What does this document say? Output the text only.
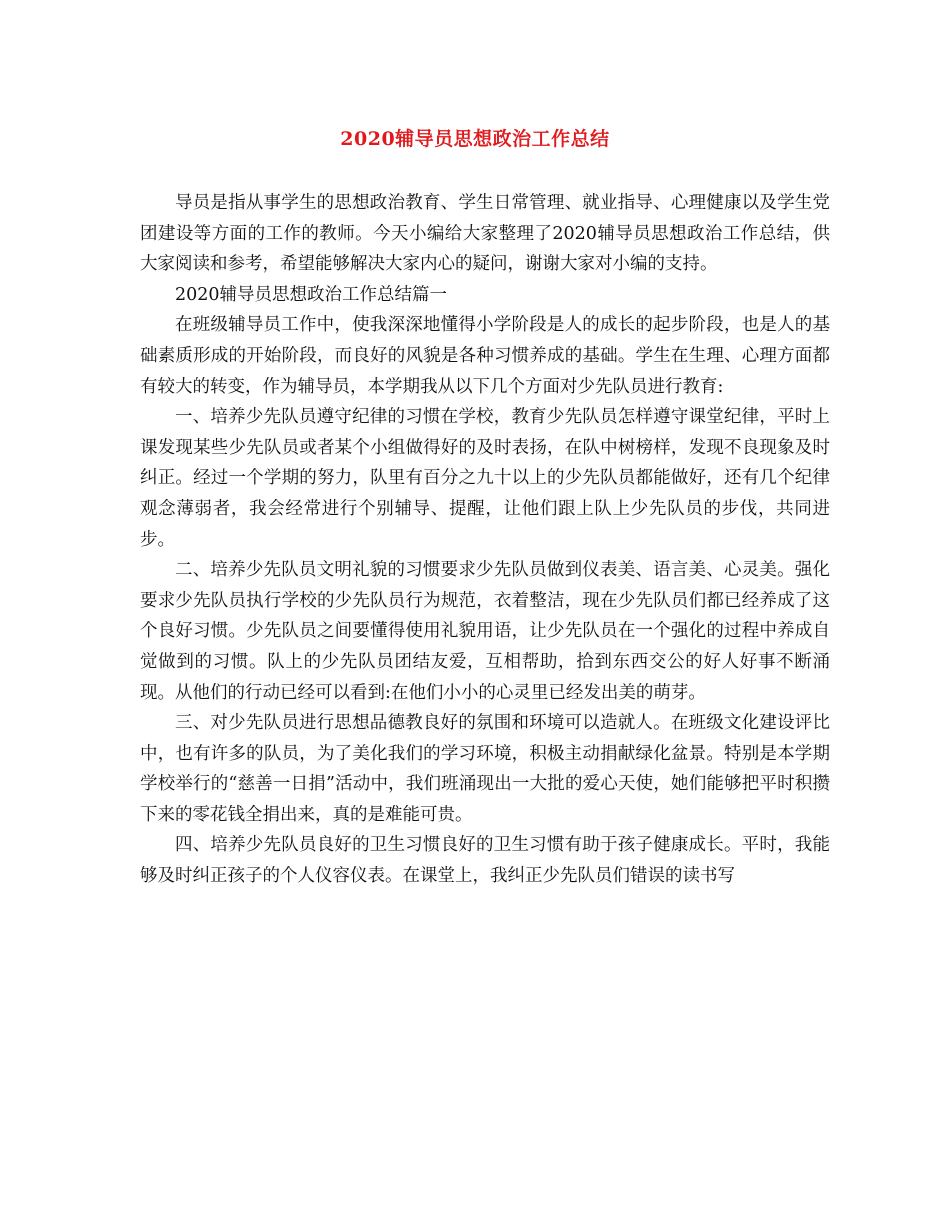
2020辅导员思想政治工作总结

导员是指从事学生的思想政治教育、学生日常管理、就业指导、心理健康以及学生党团建设等方面的工作的教师。今天小编给大家整理了2020辅导员思想政治工作总结，供大家阅读和参考，希望能够解决大家内心的疑问，谢谢大家对小编的支持。

2020辅导员思想政治工作总结篇一

在班级辅导员工作中，使我深深地懂得小学阶段是人的成长的起步阶段，也是人的基础素质形成的开始阶段，而良好的风貌是各种习惯养成的基础。学生在生理、心理方面都有较大的转变，作为辅导员，本学期我从以下几个方面对少先队员进行教育:

一、培养少先队员遵守纪律的习惯在学校，教育少先队员怎样遵守课堂纪律，平时上课发现某些少先队员或者某个小组做得好的及时表扬，在队中树榜样，发现不良现象及时纠正。经过一个学期的努力，队里有百分之九十以上的少先队员都能做好，还有几个纪律观念薄弱者，我会经常进行个别辅导、提醒，让他们跟上队上少先队员的步伐，共同进步。

二、培养少先队员文明礼貌的习惯要求少先队员做到仪表美、语言美、心灵美。强化要求少先队员执行学校的少先队员行为规范，衣着整洁，现在少先队员们都已经养成了这个良好习惯。少先队员之间要懂得使用礼貌用语，让少先队员在一个强化的过程中养成自觉做到的习惯。队上的少先队员团结友爱，互相帮助，拾到东西交公的好人好事不断涌现。从他们的行动已经可以看到:在他们小小的心灵里已经发出美的萌芽。

三、对少先队员进行思想品德教良好的氛围和环境可以造就人。在班级文化建设评比中，也有许多的队员，为了美化我们的学习环境，积极主动捐献绿化盆景。特别是本学期学校举行的“慈善一日捐”活动中，我们班涌现出一大批的爱心天使，她们能够把平时积攒下来的零花钱全捐出来，真的是难能可贵。

四、培养少先队员良好的卫生习惯良好的卫生习惯有助于孩子健康成长。平时，我能够及时纠正孩子的个人仪容仪表。在课堂上，我纠正少先队员们错误的读书写
